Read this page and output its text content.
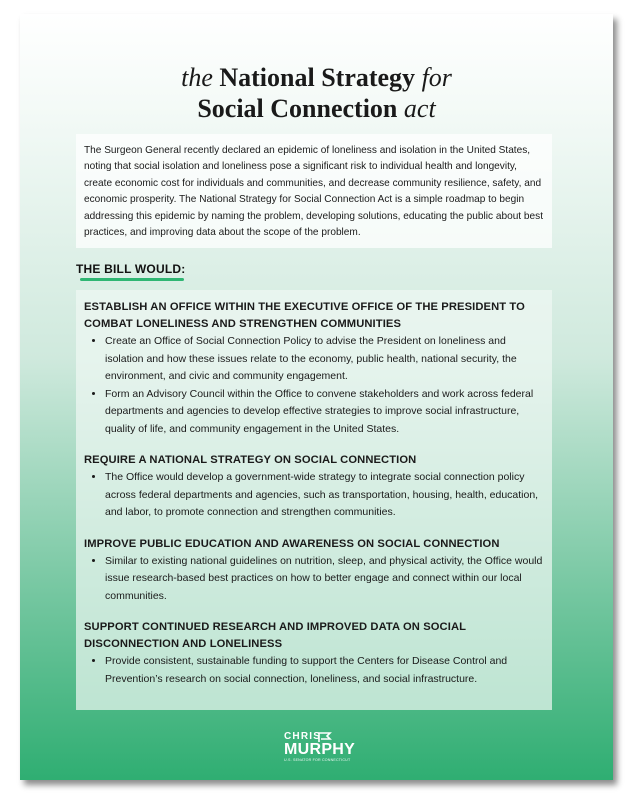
the National Strategy for
Social Connection act
The Surgeon General recently declared an epidemic of loneliness and isolation in the United States, noting that social isolation and loneliness pose a significant risk to individual health and longevity, create economic cost for individuals and communities, and decrease community resilience, safety, and economic prosperity. The National Strategy for Social Connection Act is a simple roadmap to begin addressing this epidemic by naming the problem, developing solutions, educating the public about best practices, and improving data about the scope of the problem.
THE BILL WOULD:
ESTABLISH AN OFFICE WITHIN THE EXECUTIVE OFFICE OF THE PRESIDENT TO COMBAT LONELINESS AND STRENGTHEN COMMUNITIES
• Create an Office of Social Connection Policy to advise the President on loneliness and isolation and how these issues relate to the economy, public health, national security, the environment, and civic and community engagement.
• Form an Advisory Council within the Office to convene stakeholders and work across federal departments and agencies to develop effective strategies to improve social infrastructure, quality of life, and community engagement in the United States.
REQUIRE A NATIONAL STRATEGY ON SOCIAL CONNECTION
• The Office would develop a government-wide strategy to integrate social connection policy across federal departments and agencies, such as transportation, housing, health, education, and labor, to promote connection and strengthen communities.
IMPROVE PUBLIC EDUCATION AND AWARENESS ON SOCIAL CONNECTION
• Similar to existing national guidelines on nutrition, sleep, and physical activity, the Office would issue research-based best practices on how to better engage and connect within our local communities.
SUPPORT CONTINUED RESEARCH AND IMPROVED DATA ON SOCIAL DISCONNECTION AND LONELINESS
• Provide consistent, sustainable funding to support the Centers for Disease Control and Prevention’s research on social connection, loneliness, and social infrastructure.
CHRIS
MURPHY
U.S. SENATOR FOR CONNECTICUT
